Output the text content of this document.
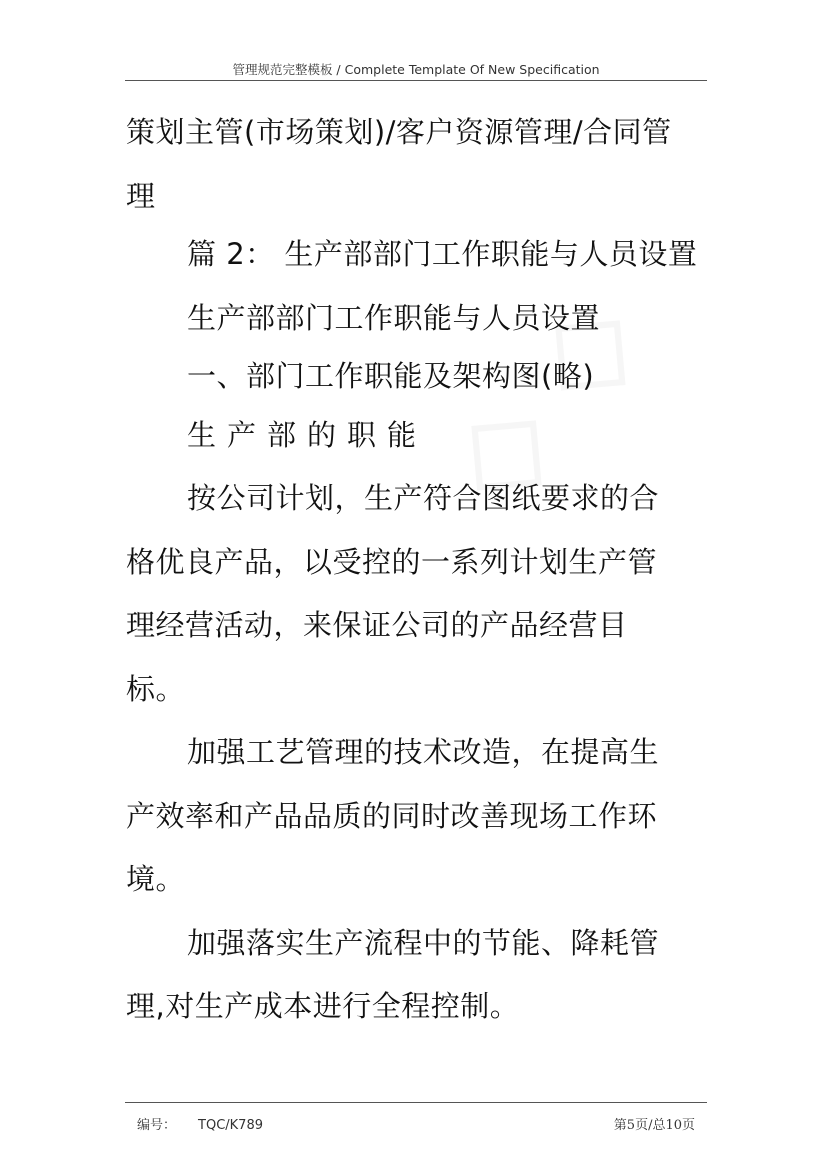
管理规范完整模板 / Complete Template Of New Specification
策划主管(市场策划)/客户资源管理/合同管
理
篇 2： 生产部部门工作职能与人员设置
生产部部门工作职能与人员设置
一、部门工作职能及架构图(略)
生产部的职能
按公司计划，生产符合图纸要求的合
格优良产品，以受控的一系列计划生产管
理经营活动，来保证公司的产品经营目
标。
加强工艺管理的技术改造，在提高生
产效率和产品品质的同时改善现场工作环
境。
加强落实生产流程中的节能、降耗管
理,对生产成本进行全程控制。
编号： TQC/K789	第5页/总10页
